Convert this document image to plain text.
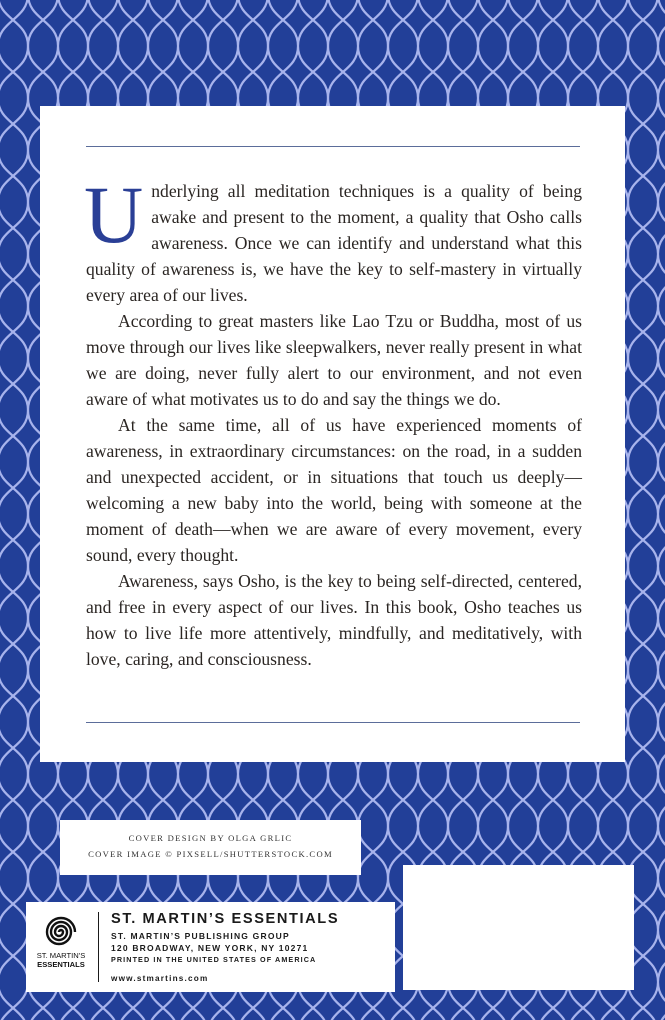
Underlying all meditation techniques is a quality of being awake and present to the moment, a quality that Osho calls awareness. Once we can identify and understand what this quality of awareness is, we have the key to self-mastery in virtually every area of our lives.

According to great masters like Lao Tzu or Buddha, most of us move through our lives like sleepwalkers, never really present in what we are doing, never fully alert to our environment, and not even aware of what motivates us to do and say the things we do.

At the same time, all of us have experienced moments of awareness, in extraordinary circumstances: on the road, in a sudden and unexpected accident, or in situations that touch us deeply—welcoming a new baby into the world, being with someone at the moment of death—when we are aware of every movement, every sound, every thought.

Awareness, says Osho, is the key to being self-directed, centered, and free in every aspect of our lives. In this book, Osho teaches us how to live life more attentively, mindfully, and meditatively, with love, caring, and consciousness.

COVER DESIGN BY OLGA GRLIC
COVER IMAGE © PIXSELL/SHUTTERSTOCK.COM
ST. MARTIN'S
ESSENTIALS
ST. MARTIN’S ESSENTIALS
ST. MARTIN’S PUBLISHING GROUP
120 BROADWAY, NEW YORK, NY 10271
PRINTED IN THE UNITED STATES OF AMERICA
www.stmartins.com
